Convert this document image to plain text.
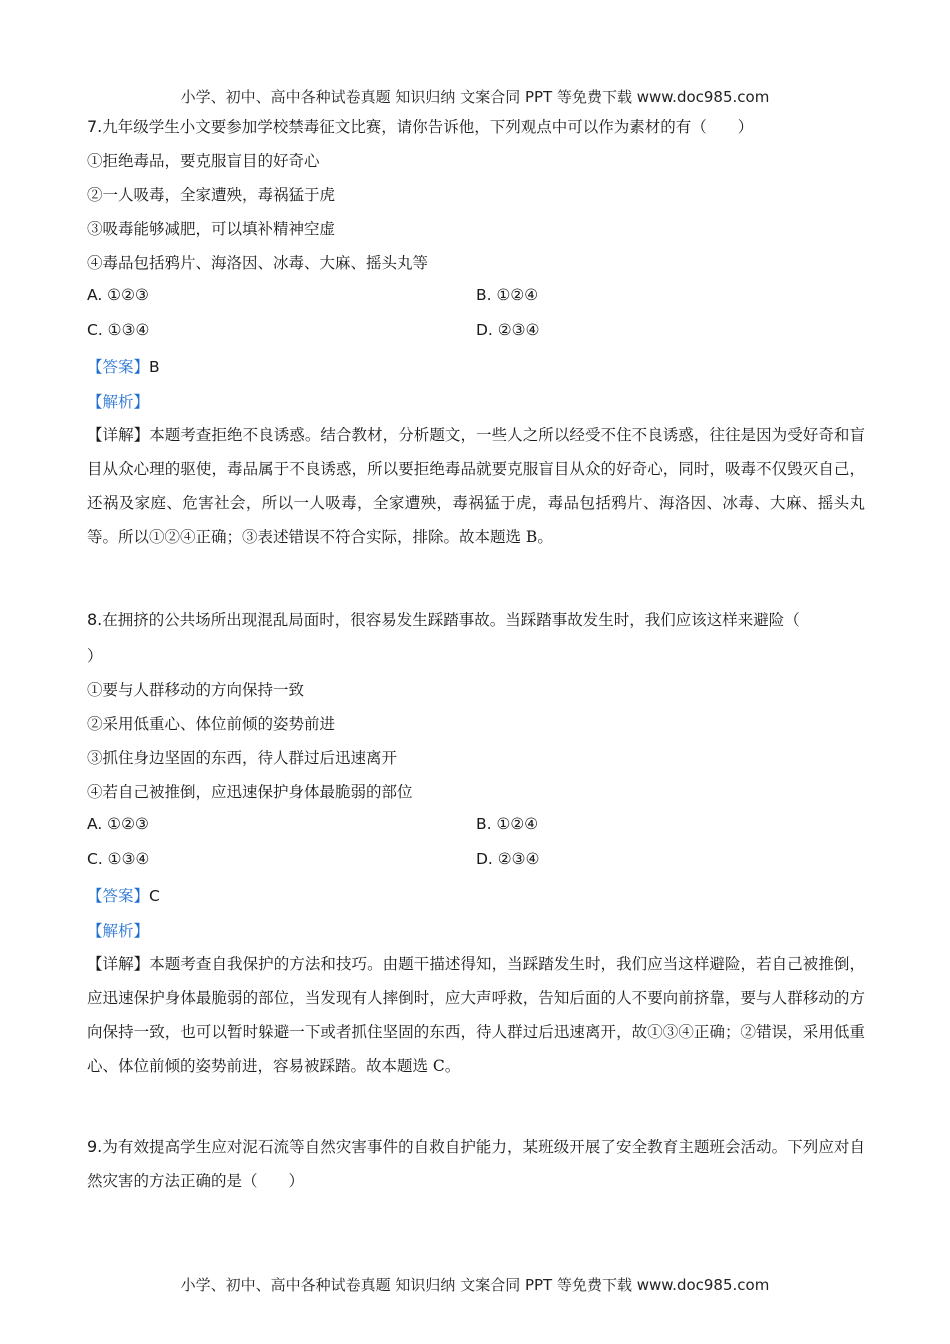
小学、初中、高中各种试卷真题 知识归纳 文案合同 PPT 等免费下载 www.doc985.com
7.九年级学生小文要参加学校禁毒征文比赛，请你告诉他，下列观点中可以作为素材的有（　　）
①拒绝毒品，要克服盲目的好奇心
②一人吸毒，全家遭殃，毒祸猛于虎
③吸毒能够减肥，可以填补精神空虚
④毒品包括鸦片、海洛因、冰毒、大麻、摇头丸等
A. ①②③	B. ①②④
C. ①③④	D. ②③④
【答案】B
【解析】
【详解】本题考查拒绝不良诱惑。结合教材，分析题文，一些人之所以经受不住不良诱惑，往往是因为受好奇和盲目从众心理的驱使，毒品属于不良诱惑，所以要拒绝毒品就要克服盲目从众的好奇心，同时，吸毒不仅毁灭自己，还祸及家庭、危害社会，所以一人吸毒，全家遭殃，毒祸猛于虎，毒品包括鸦片、海洛因、冰毒、大麻、摇头丸等。所以①②④正确；③表述错误不符合实际，排除。故本题选 B。
8.在拥挤的公共场所出现混乱局面时，很容易发生踩踏事故。当踩踏事故发生时，我们应该这样来避险（
）
①要与人群移动的方向保持一致
②采用低重心、体位前倾的姿势前进
③抓住身边坚固的东西，待人群过后迅速离开
④若自己被推倒，应迅速保护身体最脆弱的部位
A. ①②③	B. ①②④
C. ①③④	D. ②③④
【答案】C
【解析】
【详解】本题考查自我保护的方法和技巧。由题干描述得知，当踩踏发生时，我们应当这样避险，若自己被推倒，应迅速保护身体最脆弱的部位，当发现有人摔倒时，应大声呼救，告知后面的人不要向前挤靠，要与人群移动的方向保持一致，也可以暂时躲避一下或者抓住坚固的东西，待人群过后迅速离开，故①③④正确；②错误，采用低重心、体位前倾的姿势前进，容易被踩踏。故本题选 C。
9.为有效提高学生应对泥石流等自然灾害事件的自救自护能力，某班级开展了安全教育主题班会活动。下列应对自然灾害的方法正确的是（　　）
小学、初中、高中各种试卷真题 知识归纳 文案合同 PPT 等免费下载 www.doc985.com
